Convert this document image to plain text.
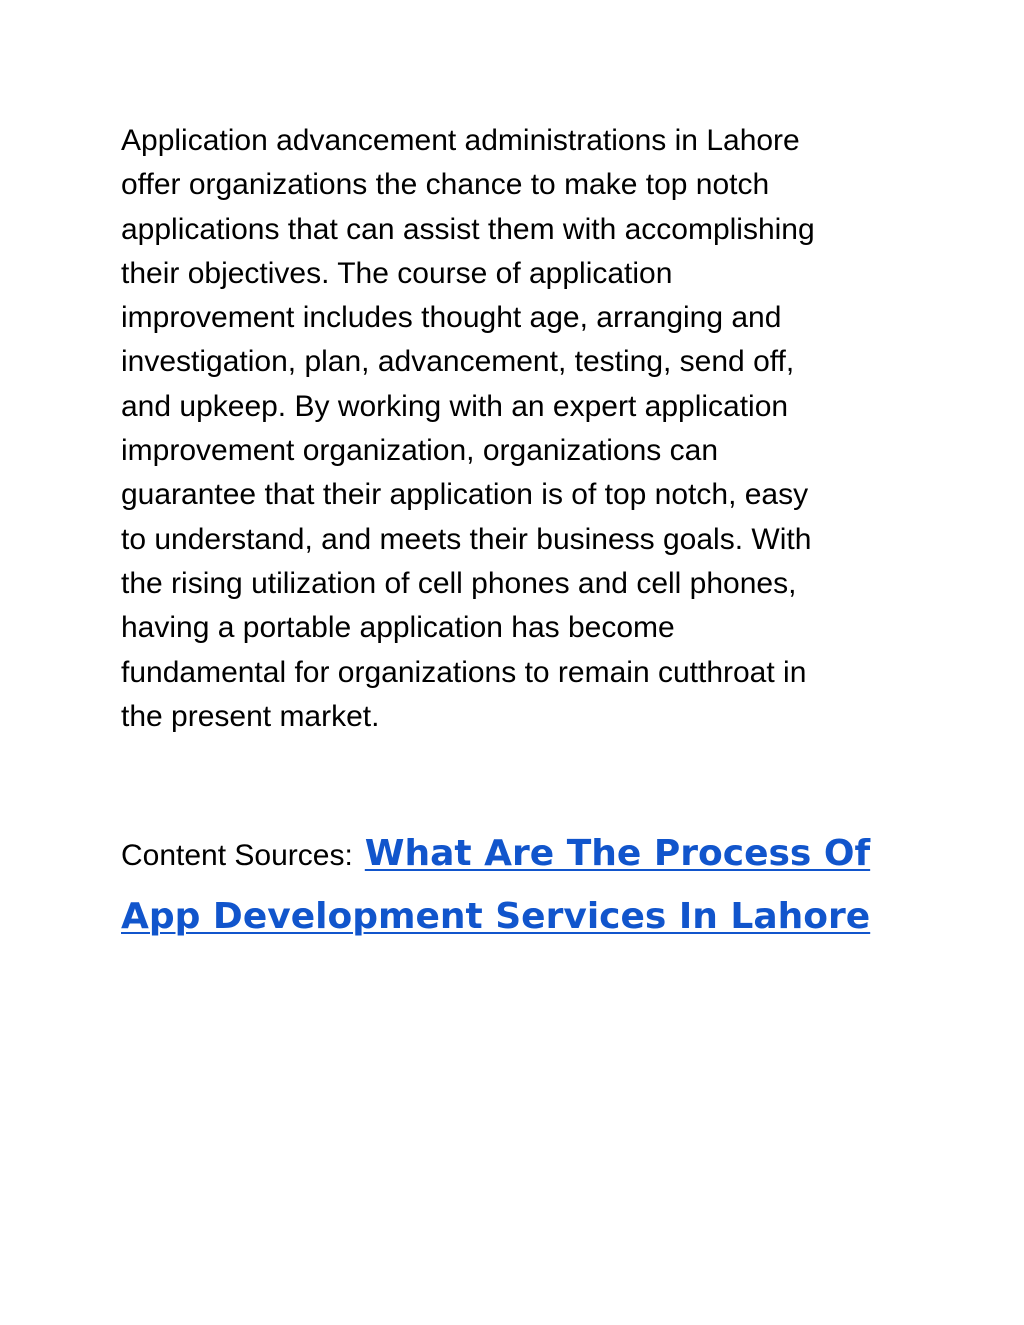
Application advancement administrations in Lahore
offer organizations the chance to make top notch
applications that can assist them with accomplishing
their objectives. The course of application
improvement includes thought age, arranging and
investigation, plan, advancement, testing, send off,
and upkeep. By working with an expert application
improvement organization, organizations can
guarantee that their application is of top notch, easy
to understand, and meets their business goals. With
the rising utilization of cell phones and cell phones,
having a portable application has become
fundamental for organizations to remain cutthroat in
the present market.

Content Sources: What Are The Process Of App Development Services In Lahore
